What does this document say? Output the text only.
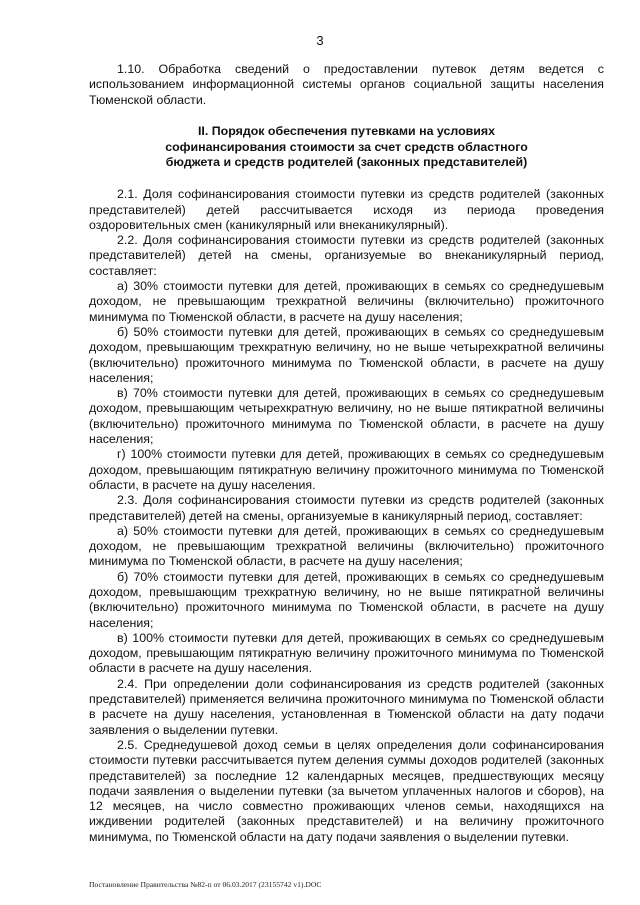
3

1.10. Обработка сведений о предоставлении путевок детям ведется с использованием информационной системы органов социальной защиты населения Тюменской области.

II. Порядок обеспечения путевками на условиях
софинансирования стоимости за счет средств областного
бюджета и средств родителей (законных представителей)

2.1. Доля софинансирования стоимости путевки из средств родителей (законных представителей) детей рассчитывается исходя из периода проведения оздоровительных смен (каникулярный или внеканикулярный).

2.2. Доля софинансирования стоимости путевки из средств родителей (законных представителей) детей на смены, организуемые во внеканикулярный период, составляет:

а) 30% стоимости путевки для детей, проживающих в семьях со среднедушевым доходом, не превышающим трехкратной величины (включительно) прожиточного минимума по Тюменской области, в расчете на душу населения;

б) 50% стоимости путевки для детей, проживающих в семьях со среднедушевым доходом, превышающим трехкратную величину, но не выше четырехкратной величины (включительно) прожиточного минимума по Тюменской области, в расчете на душу населения;

в) 70% стоимости путевки для детей, проживающих в семьях со среднедушевым доходом, превышающим четырехкратную величину, но не выше пятикратной величины (включительно) прожиточного минимума по Тюменской области, в расчете на душу населения;

г) 100% стоимости путевки для детей, проживающих в семьях со среднедушевым доходом, превышающим пятикратную величину прожиточного минимума по Тюменской области, в расчете на душу населения.

2.3. Доля софинансирования стоимости путевки из средств родителей (законных представителей) детей на смены, организуемые в каникулярный период, составляет:

а) 50% стоимости путевки для детей, проживающих в семьях со среднедушевым доходом, не превышающим трехкратной величины (включительно) прожиточного минимума по Тюменской области, в расчете на душу населения;

б) 70% стоимости путевки для детей, проживающих в семьях со среднедушевым доходом, превышающим трехкратную величину, но не выше пятикратной величины (включительно) прожиточного минимума по Тюменской области, в расчете на душу населения;

в) 100% стоимости путевки для детей, проживающих в семьях со среднедушевым доходом, превышающим пятикратную величину прожиточного минимума по Тюменской области в расчете на душу населения.

2.4. При определении доли софинансирования из средств родителей (законных представителей) применяется величина прожиточного минимума по Тюменской области в расчете на душу населения, установленная в Тюменской области на дату подачи заявления о выделении путевки.

2.5. Среднедушевой доход семьи в целях определения доли софинансирования стоимости путевки рассчитывается путем деления суммы доходов родителей (законных представителей) за последние 12 календарных месяцев, предшествующих месяцу подачи заявления о выделении путевки (за вычетом уплаченных налогов и сборов), на 12 месяцев, на число совместно проживающих членов семьи, находящихся на иждивении родителей (законных представителей) и на величину прожиточного минимума, по Тюменской области на дату подачи заявления о выделении путевки.

Постановление Правительства №82-п от 06.03.2017 (23155742 v1).DOC
